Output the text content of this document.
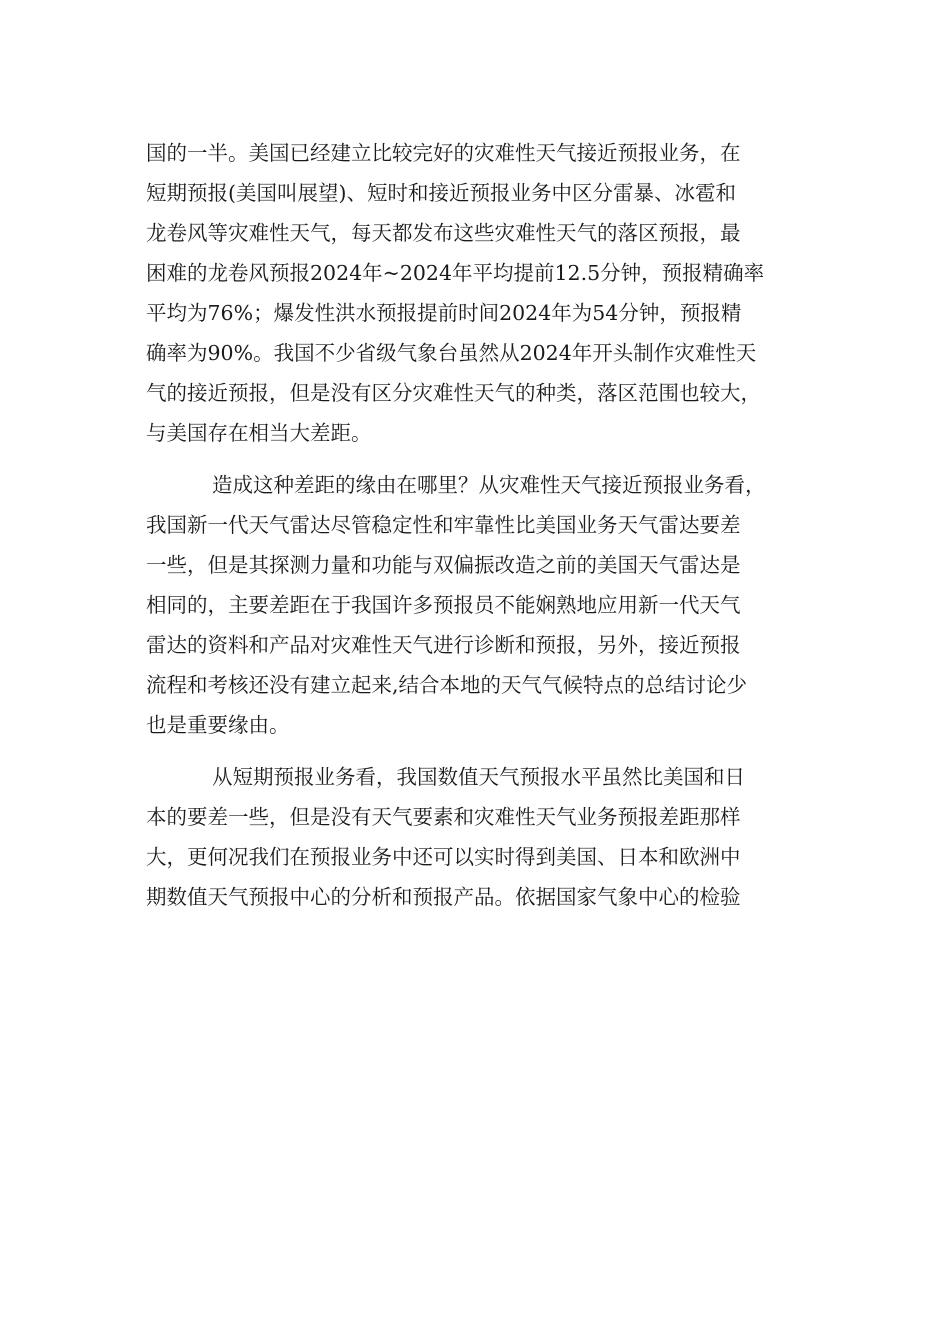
国的一半。美国已经建立比较完好的灾难性天气接近预报业务，在
短期预报(美国叫展望)、短时和接近预报业务中区分雷暴、冰雹和
龙卷风等灾难性天气，每天都发布这些灾难性天气的落区预报，最
困难的龙卷风预报2024年~2024年平均提前12.5分钟，预报精确率
平均为76%；爆发性洪水预报提前时间2024年为54分钟，预报精
确率为90%。我国不少省级气象台虽然从2024年开头制作灾难性天
气的接近预报，但是没有区分灾难性天气的种类，落区范围也较大，
与美国存在相当大差距。
造成这种差距的缘由在哪里？从灾难性天气接近预报业务看，
我国新一代天气雷达尽管稳定性和牢靠性比美国业务天气雷达要差
一些，但是其探测力量和功能与双偏振改造之前的美国天气雷达是
相同的，主要差距在于我国许多预报员不能娴熟地应用新一代天气
雷达的资料和产品对灾难性天气进行诊断和预报，另外，接近预报
流程和考核还没有建立起来,结合本地的天气气候特点的总结讨论少
也是重要缘由。
从短期预报业务看，我国数值天气预报水平虽然比美国和日
本的要差一些，但是没有天气要素和灾难性天气业务预报差距那样
大，更何况我们在预报业务中还可以实时得到美国、日本和欧洲中
期数值天气预报中心的分析和预报产品。依据国家气象中心的检验
